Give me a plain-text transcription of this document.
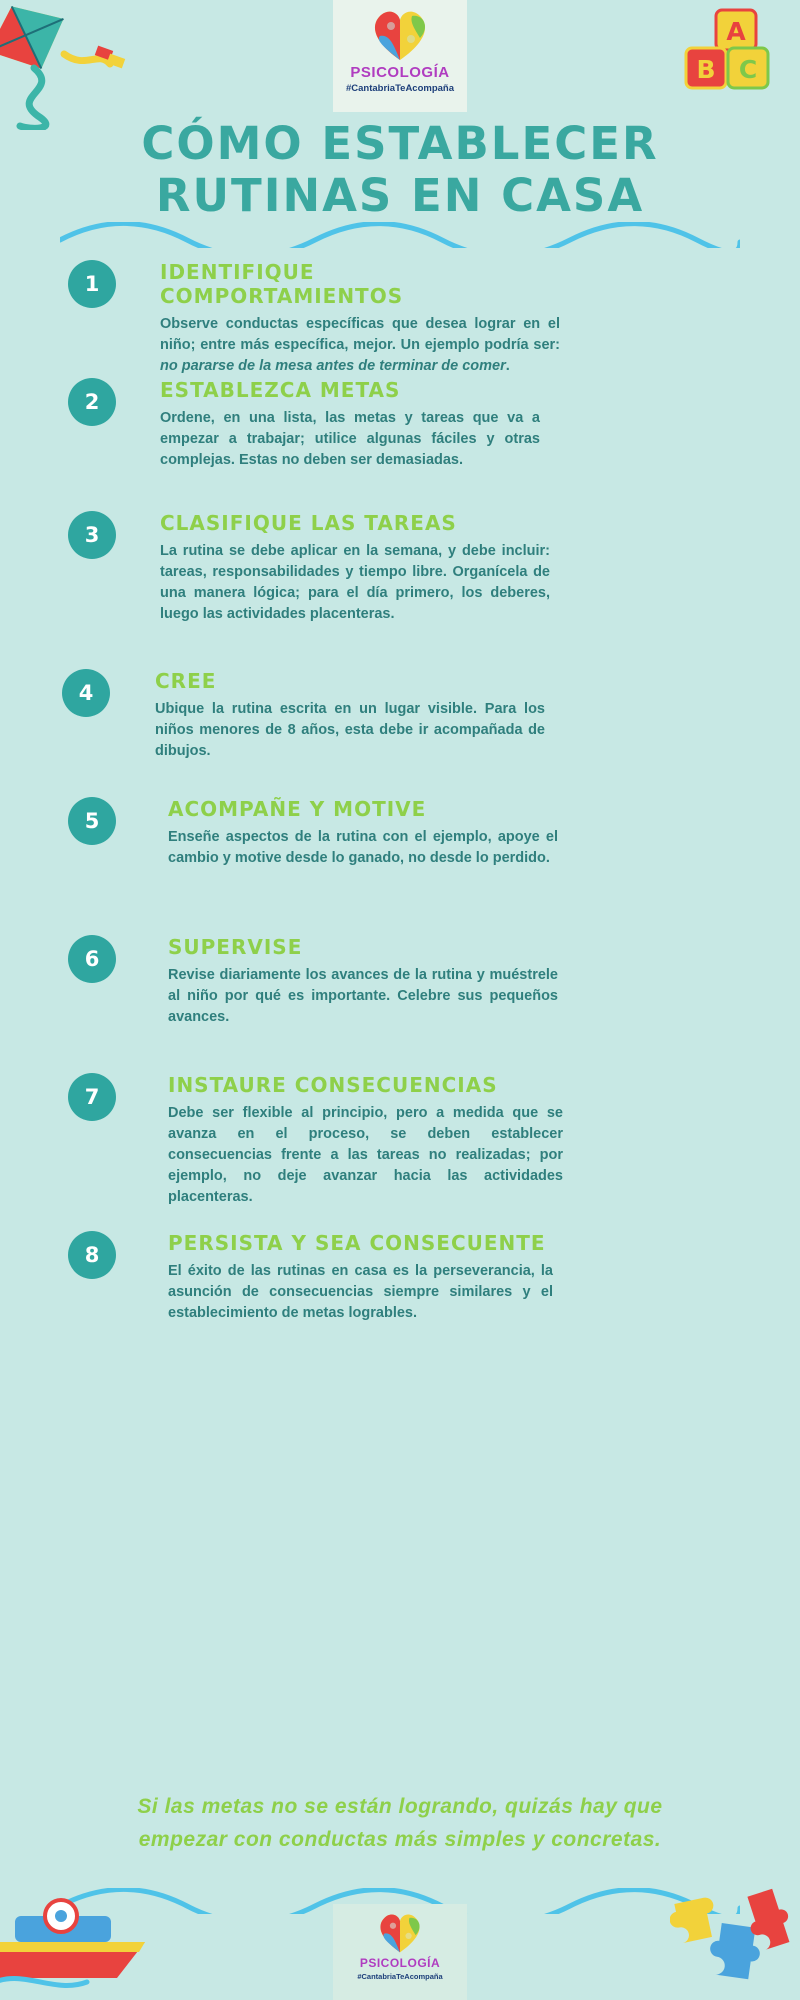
A
B C
PSICOLOGÍA
#CantabriaTeAcompaña
CÓMO ESTABLECER
RUTINAS EN CASA
1	IDENTIFIQUE COMPORTAMIENTOS
Observe conductas específicas que desea lograr en el niño; entre más específica, mejor. Un ejemplo podría ser: no pararse de la mesa antes de terminar de comer.
2	ESTABLEZCA METAS
Ordene, en una lista, las metas y tareas que va a empezar a trabajar; utilice algunas fáciles y otras complejas. Estas no deben ser demasiadas.
3	CLASIFIQUE LAS TAREAS
La rutina se debe aplicar en la semana, y debe incluir: tareas, responsabilidades y tiempo libre. Organícela de una manera lógica; para el día primero, los deberes, luego las actividades placenteras.
4	CREE
Ubique la rutina escrita en un lugar visible. Para los niños menores de 8 años, esta debe ir acompañada de dibujos.
5	ACOMPAÑE Y MOTIVE
Enseñe aspectos de la rutina con el ejemplo, apoye el cambio y motive desde lo ganado, no desde lo perdido.
6	SUPERVISE
Revise diariamente los avances de la rutina y muéstrele al niño por qué es importante. Celebre sus pequeños avances.
7	INSTAURE CONSECUENCIAS
Debe ser flexible al principio, pero a medida que se avanza en el proceso, se deben establecer consecuencias frente a las tareas no realizadas; por ejemplo, no deje avanzar hacia las actividades placenteras.
8	PERSISTA Y SEA CONSECUENTE
El éxito de las rutinas en casa es la perseverancia, la asunción de consecuencias siempre similares y el establecimiento de metas logrables.
Si las metas no se están logrando, quizás hay que
empezar con conductas más simples y concretas.
PSICOLOGÍA
#CantabriaTeAcompaña
